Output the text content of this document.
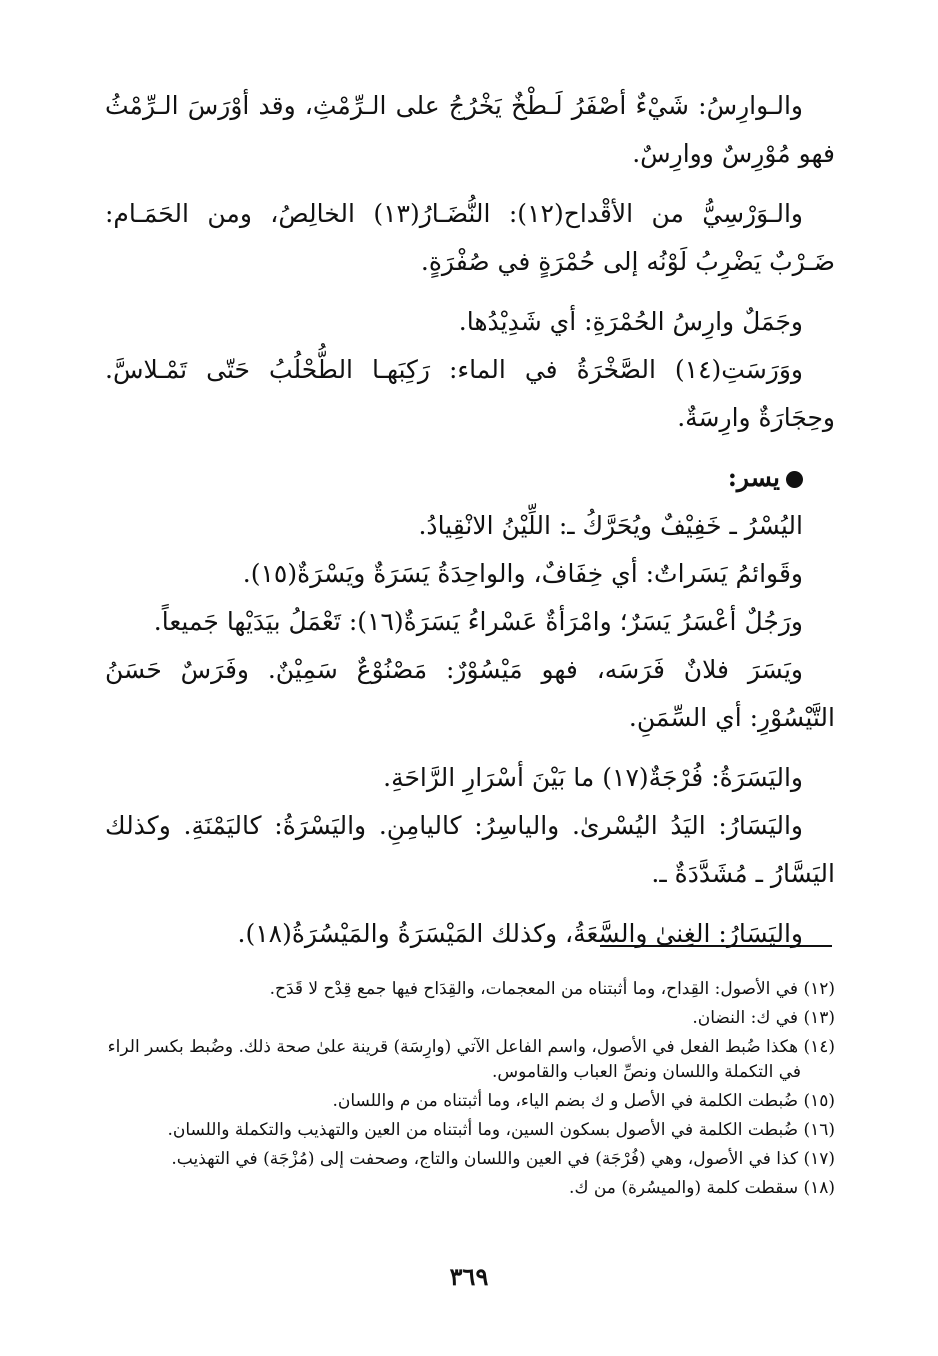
والـوارِسُ: شَيْءٌ أصْفَرُ لَـطْخٌ يَخْرُجُ على الـرِّمْثِ، وقد أوْرَسَ الـرِّمْثُ فهو مُوْرِسٌ ووارِسٌ.

والـوَرْسِيُّ من الأقْداح(١٢): النُّضَـارُ(١٣) الخالِصُ، ومن الحَمَـام: ضَـرْبٌ يَضْرِبُ لَوْنُه إلى حُمْرَةٍ في صُفْرَةٍ.

وجَمَلٌ وارِسُ الحُمْرَةِ: أي شَدِيْدُها.

ووَرَسَتِ(١٤) الصَّخْرَةُ في الماء: رَكِبَهـا الطُّحْلُبُ حَتّى تَمْـلاسَّ. وحِجَارَةٌ وارِسَةٌ.

يسر:

اليُسْرُ ـ خَفِيْفٌ ويُحَرَّكُ ـ: اللِّيْنُ الانْقِيادُ.

وقَوائمُ يَسَراتٌ: أي خِفَافٌ، والواحِدَةُ يَسَرَةٌ ويَسْرَةٌ(١٥).

ورَجُلٌ أعْسَرُ يَسَرٌ؛ وامْرَأةٌ عَسْراءُ يَسَرَةٌ(١٦): تَعْمَلُ بيَدَيْها جَميعاً.

ويَسَرَ فلانٌ فَرَسَه، فهو مَيْسُوْرٌ: مَصْنُوْعٌ سَمِيْنٌ. وفَرَسٌ حَسَنُ التَّيْسُوْرِ: أي السِّمَنِ.

واليَسَرَةُ: فُرْجَةٌ(١٧) ما بَيْنَ أسْرَارِ الرَّاحَةِ.

واليَسَارُ: اليَدُ اليُسْرىٰ. والياسِرُ: كاليامِنِ. واليَسْرَةُ: كاليَمْنَةِ. وكذلك اليَسَّارُ ـ مُشَدَّدَةٌ ـ.

واليَسَارُ: الغِنىٰ والسَّعَةُ، وكذلك المَيْسَرَةُ والمَيْسُرَةُ(١٨).

(١٢) في الأصول: القِداح، وما أثبتناه من المعجمات، والقِدَاح فيها جمع قِدْح لا قَدَح.

(١٣) في ك: النضان.

(١٤) هكذا ضُبط الفعل في الأصول، واسم الفاعل الآتي (وارِسَة) قرينة علىٰ صحة ذلك. وضُبط بكسر الراء في التكملة واللسان ونصِّ العباب والقاموس.

(١٥) ضُبطت الكلمة في الأصل و ك بضم الياء، وما أثبتناه من م واللسان.

(١٦) ضُبطت الكلمة في الأصول بسكون السين، وما أثبتناه من العين والتهذيب والتكملة واللسان.

(١٧) كذا في الأصول، وهي (فُرْجَة) في العين واللسان والتاج، وصحفت إلى (مُزْجَة) في التهذيب.

(١٨) سقطت كلمة (والميسُرة) من ك.

٣٦٩
